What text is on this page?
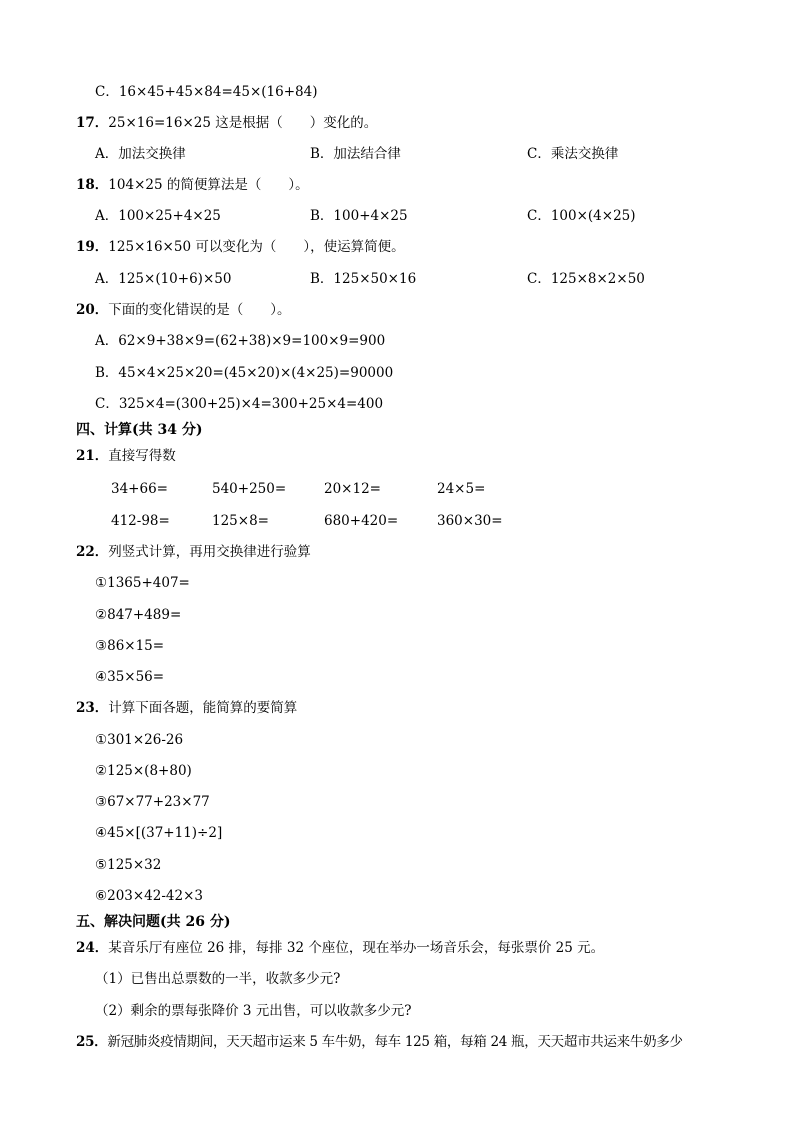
C．16×45+45×84=45×(16+84)
17．25×16=16×25 这是根据（　　）变化的。
A．加法交换律	B．加法结合律	C．乘法交换律
18．104×25 的简便算法是（　　）。
A．100×25+4×25	B．100+4×25	C．100×(4×25)
19．125×16×50 可以变化为（　　），使运算简便。
A．125×(10+6)×50	B．125×50×16	C．125×8×2×50
20．下面的变化错误的是（　　）。
A．62×9+38×9=(62+38)×9=100×9=900
B．45×4×25×20=(45×20)×(4×25)=90000
C．325×4=(300+25)×4=300+25×4=400
四、计算(共 34 分)
21．直接写得数
34+66=	540+250=	20×12=	24×5=
412-98=	125×8=	680+420=	360×30=
22．列竖式计算，再用交换律进行验算
①1365+407=
②847+489=
③86×15=
④35×56=
23．计算下面各题，能简算的要简算
①301×26-26
②125×(8+80)
③67×77+23×77
④45×[(37+11)÷2]
⑤125×32
⑥203×42-42×3
五、解决问题(共 26 分)
24．某音乐厅有座位 26 排，每排 32 个座位，现在举办一场音乐会，每张票价 25 元。
（1）已售出总票数的一半，收款多少元?
（2）剩余的票每张降价 3 元出售，可以收款多少元?
25．新冠肺炎疫情期间，天天超市运来 5 车牛奶，每车 125 箱，每箱 24 瓶，天天超市共运来牛奶多少
